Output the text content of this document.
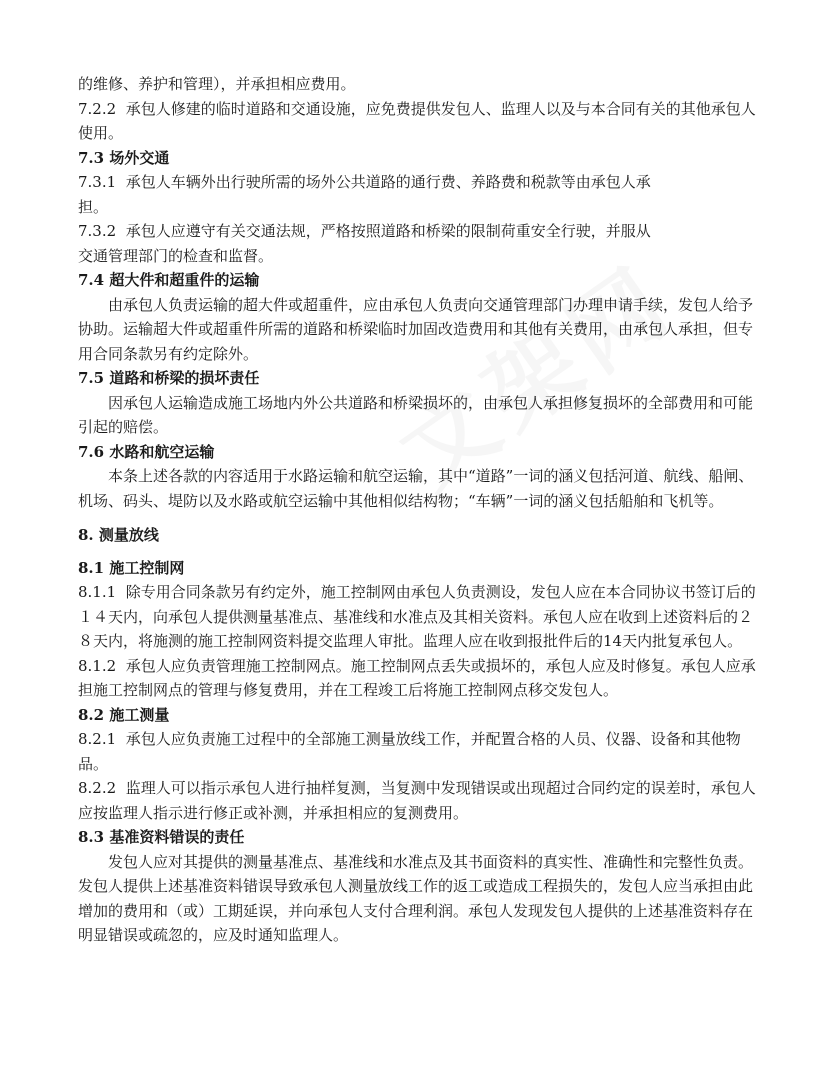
的维修、养护和管理），并承担相应费用。

7.2.2  承包人修建的临时道路和交通设施，应免费提供发包人、监理人以及与本合同有关的其他承包人使用。

7.3 场外交通

7.3.1  承包人车辆外出行驶所需的场外公共道路的通行费、养路费和税款等由承包人承

担。

7.3.2  承包人应遵守有关交通法规，严格按照道路和桥梁的限制荷重安全行驶，并服从

交通管理部门的检查和监督。

7.4 超大件和超重件的运输

由承包人负责运输的超大件或超重件，应由承包人负责向交通管理部门办理申请手续，发包人给予协助。运输超大件或超重件所需的道路和桥梁临时加固改造费用和其他有关费用，由承包人承担，但专用合同条款另有约定除外。

7.5 道路和桥梁的损坏责任

因承包人运输造成施工场地内外公共道路和桥梁损坏的，由承包人承担修复损坏的全部费用和可能引起的赔偿。

7.6 水路和航空运输

本条上述各款的内容适用于水路运输和航空运输，其中“道路”一词的涵义包括河道、航线、船闸、机场、码头、堤防以及水路或航空运输中其他相似结构物；“车辆”一词的涵义包括船舶和飞机等。

8. 测量放线

8.1 施工控制网

8.1.1  除专用合同条款另有约定外，施工控制网由承包人负责测设，发包人应在本合同协议书签订后的１４天内，向承包人提供测量基准点、基准线和水准点及其相关资料。承包人应在收到上述资料后的２８天内，将施测的施工控制网资料提交监理人审批。监理人应在收到报批件后的14天内批复承包人。

8.1.2  承包人应负责管理施工控制网点。施工控制网点丢失或损坏的，承包人应及时修复。承包人应承担施工控制网点的管理与修复费用，并在工程竣工后将施工控制网点移交发包人。

8.2 施工测量

8.2.1  承包人应负责施工过程中的全部施工测量放线工作，并配置合格的人员、仪器、设备和其他物品。

8.2.2  监理人可以指示承包人进行抽样复测，当复测中发现错误或出现超过合同约定的误差时，承包人应按监理人指示进行修正或补测，并承担相应的复测费用。

8.3 基准资料错误的责任

发包人应对其提供的测量基准点、基准线和水准点及其书面资料的真实性、准确性和完整性负责。发包人提供上述基准资料错误导致承包人测量放线工作的返工或造成工程损失的，发包人应当承担由此增加的费用和（或）工期延误，并向承包人支付合理利润。承包人发现发包人提供的上述基准资料存在明显错误或疏忽的，应及时通知监理人。
